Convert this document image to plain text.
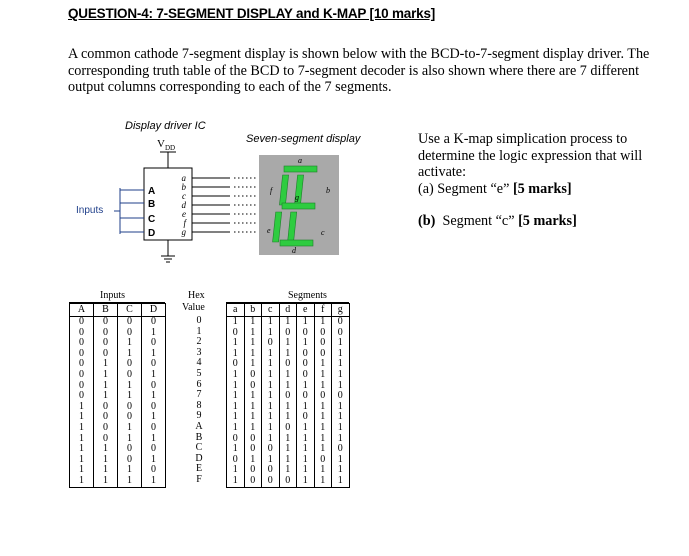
QUESTION-4: 7-SEGMENT DISPLAY and K-MAP [10 marks]
A common cathode 7-segment display is shown below with the BCD-to-7-segment display driver. The corresponding truth table of the BCD to 7-segment decoder is also shown where there are 7 different output columns corresponding to each of the 7 segments.
Use a K-map simplication process to determine the logic expression that will activate:
(a) Segment “e” [5 marks]
(b) Segment “c” [5 marks]
Display driver IC
Seven-segment display
$V_{DD}$
Inputs
A
B
C
D
a
b
c
d
e
f
g
a
b
c
d
e
f
g
Inputs	Hex
Value
Segments
A	B	C	D
0	0	0	0
0	0	0	1
0	0	1	0
0	0	1	1
0	1	0	0
0	1	0	1
0	1	1	0
0	1	1	1
1	0	0	0
1	0	0	1
1	0	1	0
1	0	1	1
1	1	0	0
1	1	0	1
1	1	1	0
1	1	1	1
0
1
2
3
4
5
6
7
8
9
A
B
C
D
E
F
a	b	c	d	e	f	g
1	1	1	1	1	1	0
0	1	1	0	0	0	0
1	1	0	1	1	0	1
1	1	1	1	0	0	1
0	1	1	0	0	1	1
1	0	1	1	0	1	1
1	0	1	1	1	1	1
1	1	1	0	0	0	0
1	1	1	1	1	1	1
1	1	1	1	0	1	1
1	1	1	0	1	1	1
0	0	1	1	1	1	1
1	0	0	1	1	1	0
0	1	1	1	1	0	1
1	0	0	1	1	1	1
1	0	0	0	1	1	1
